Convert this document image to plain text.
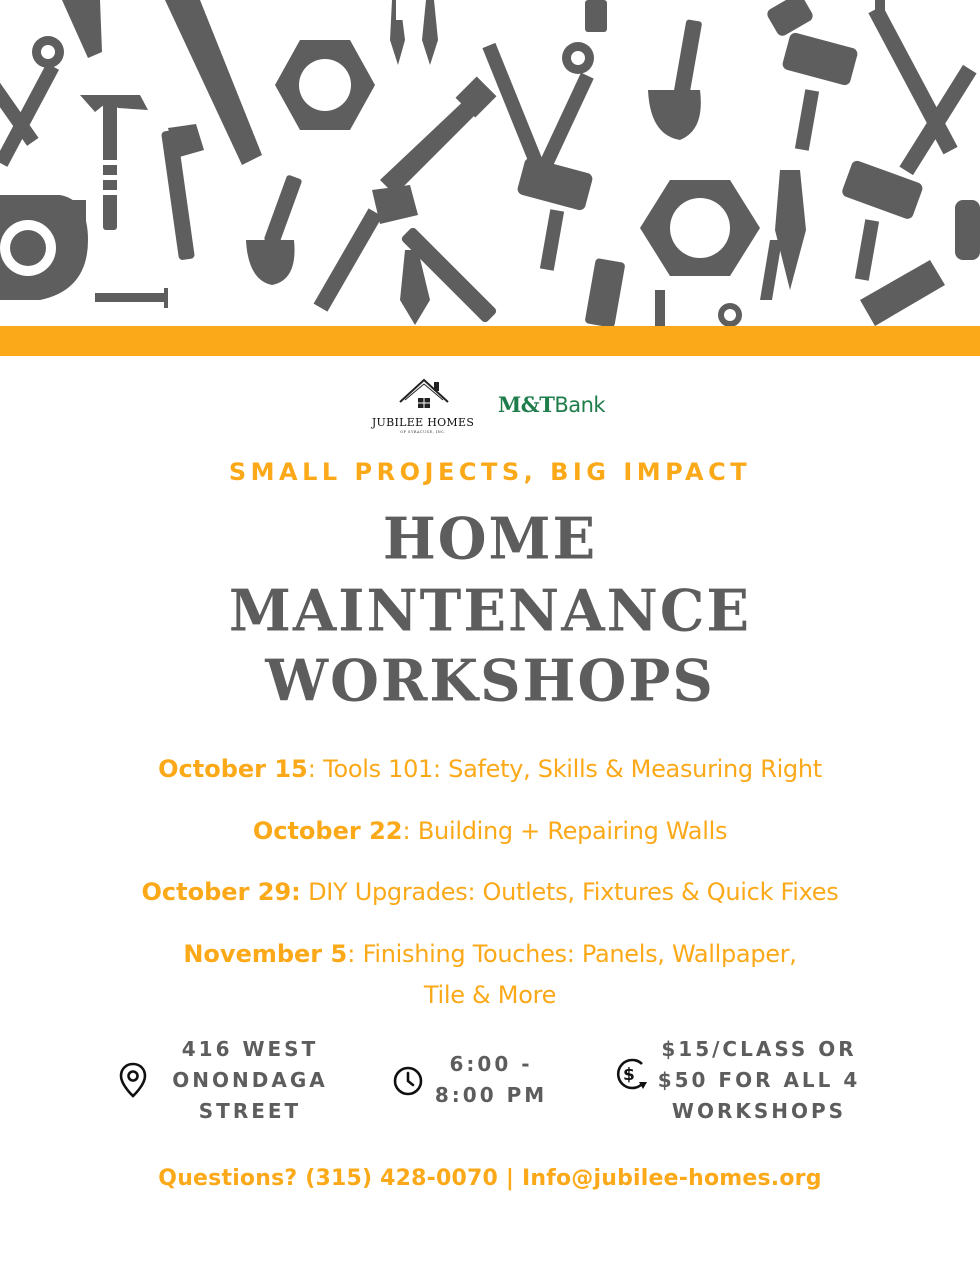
JUBILEE HOMES
OF SYRACUSE, INC.
M&TBank
SMALL PROJECTS, BIG IMPACT
HOME
MAINTENANCE
WORKSHOPS
October 15: Tools 101: Safety, Skills & Measuring Right
October 22: Building + Repairing Walls
October 29: DIY Upgrades: Outlets, Fixtures & Quick Fixes
November 5: Finishing Touches: Panels, Wallpaper,
Tile & More
416 WEST
ONONDAGA
STREET
6:00 -
8:00 PM
$
$15/CLASS OR
$50 FOR ALL 4
WORKSHOPS
Questions? (315) 428-0070 | Info@jubilee-homes.org
